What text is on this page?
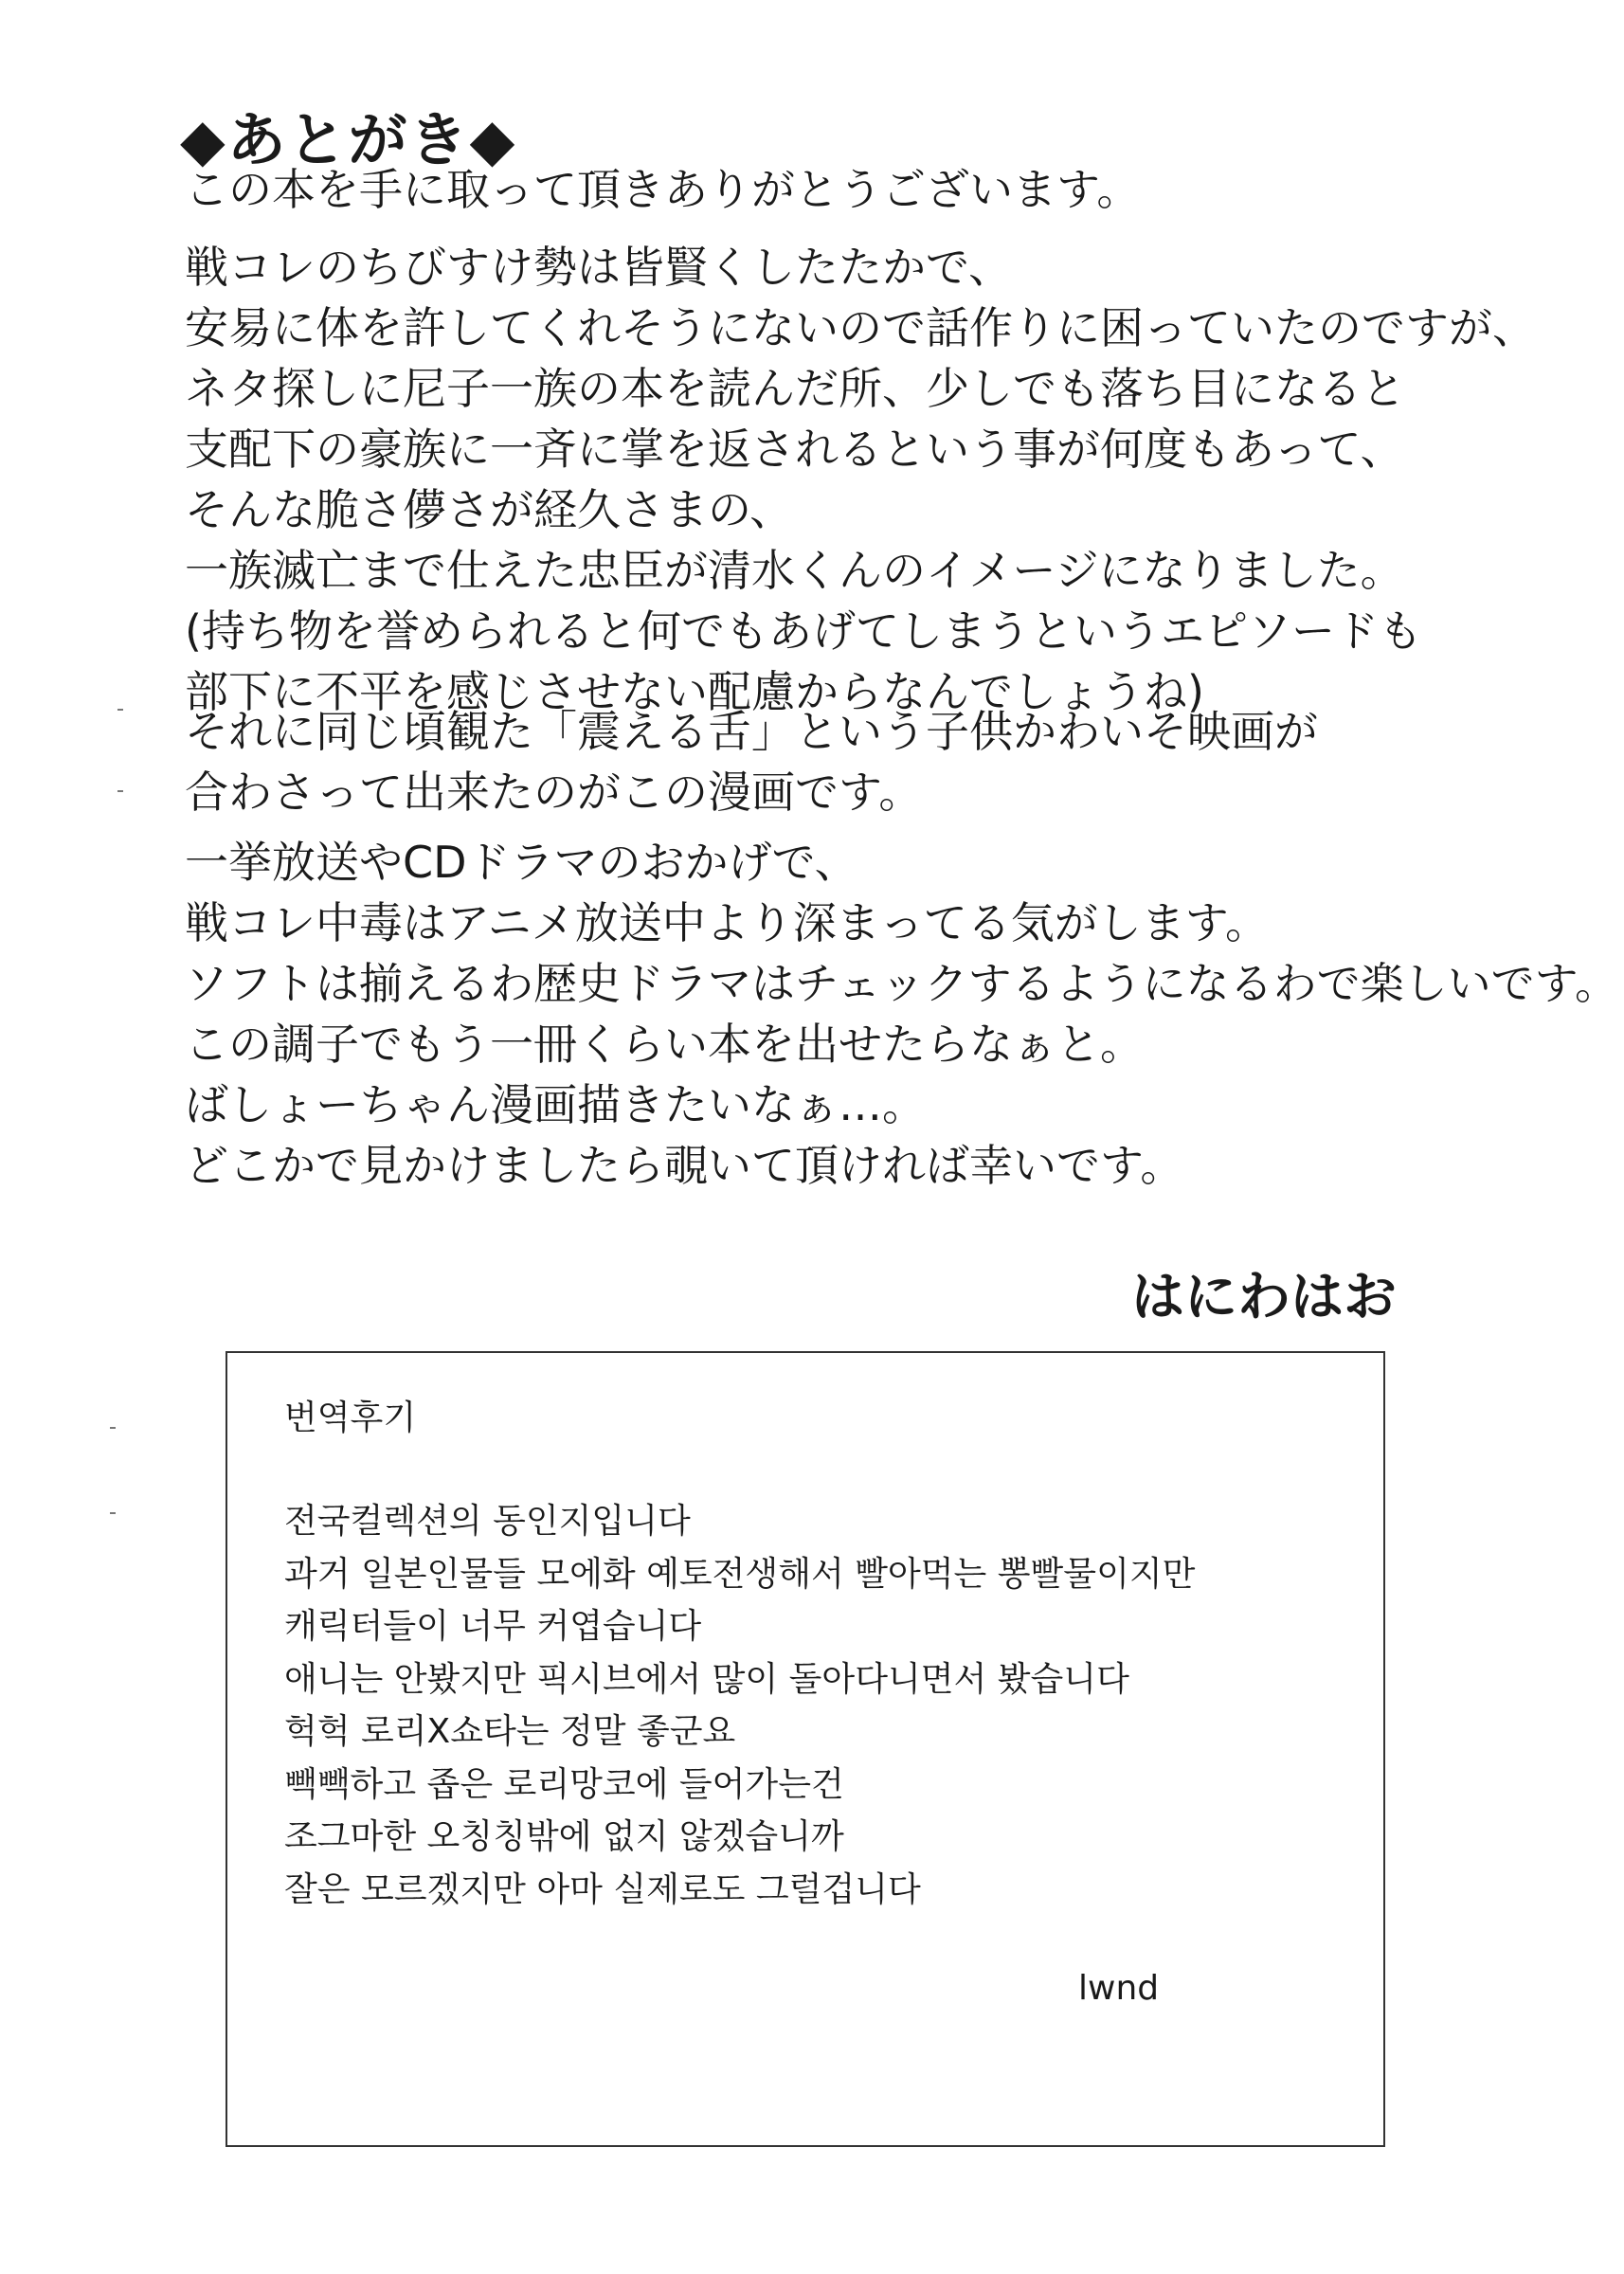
◆あとがき◆
この本を手に取って頂きありがとうございます。
戦コレのちびすけ勢は皆賢くしたたかで、
安易に体を許してくれそうにないので話作りに困っていたのですが、
ネタ探しに尼子一族の本を読んだ所、少しでも落ち目になると
支配下の豪族に一斉に掌を返されるという事が何度もあって、
そんな脆さ儚さが経久さまの、
一族滅亡まで仕えた忠臣が清水くんのイメージになりました。
(持ち物を誉められると何でもあげてしまうというエピソードも
部下に不平を感じさせない配慮からなんでしょうね)
それに同じ頃観た「震える舌」という子供かわいそ映画が
合わさって出来たのがこの漫画です。
一挙放送やCDドラマのおかげで、
戦コレ中毒はアニメ放送中より深まってる気がします。
ソフトは揃えるわ歴史ドラマはチェックするようになるわで楽しいです。
この調子でもう一冊くらい本を出せたらなぁと。
ばしょーちゃん漫画描きたいなぁ…。
どこかで見かけましたら覗いて頂ければ幸いです。

はにわはお

번역후기
전국컬렉션의 동인지입니다
과거 일본인물들 모에화 예토전생해서 빨아먹는 뽕빨물이지만
캐릭터들이 너무 커엽습니다
애니는 안봤지만 픽시브에서 많이 돌아다니면서 봤습니다
헉헉 로리X쇼타는 정말 좋군요
빽빽하고 좁은 로리망코에 들어가는건
조그마한 오칭칭밖에 없지 않겠습니까
잘은 모르겠지만 아마 실제로도 그럴겁니다
lwnd
